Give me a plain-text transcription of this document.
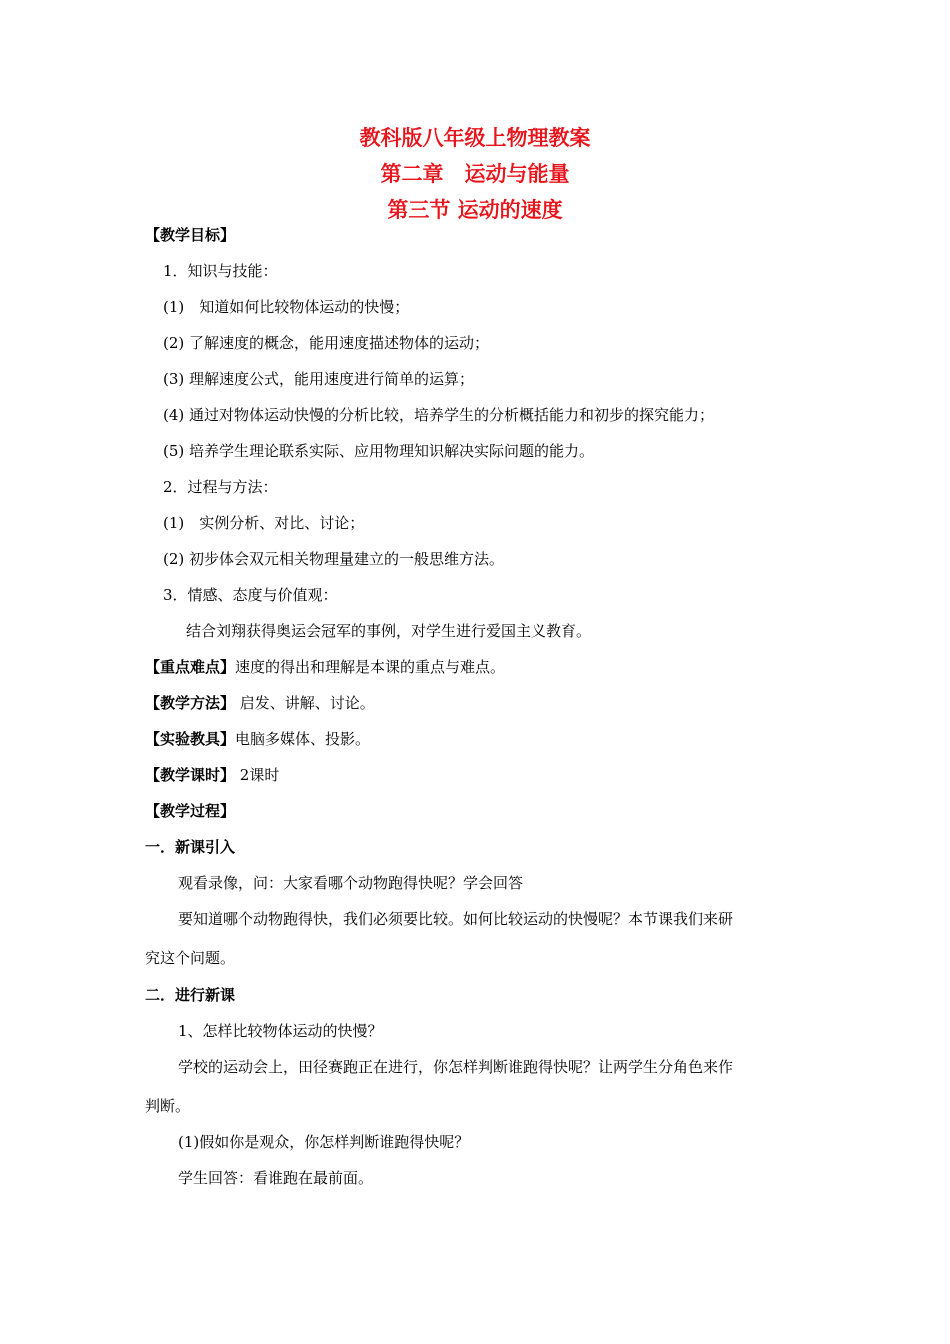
教科版八年级上物理教案
第二章　运动与能量
第三节 运动的速度
【教学目标】
1．知识与技能：
(1)　知道如何比较物体运动的快慢；
(2) 了解速度的概念，能用速度描述物体的运动；
(3) 理解速度公式，能用速度进行简单的运算；
(4) 通过对物体运动快慢的分析比较，培养学生的分析概括能力和初步的探究能力；
(5) 培养学生理论联系实际、应用物理知识解决实际问题的能力。
2．过程与方法：
(1)　实例分析、对比、讨论；
(2) 初步体会双元相关物理量建立的一般思维方法。
3．情感、态度与价值观：
结合刘翔获得奥运会冠军的事例，对学生进行爱国主义教育。
【重点难点】速度的得出和理解是本课的重点与难点。
【教学方法】 启发、讲解、讨论。
【实验教具】电脑多媒体、投影。
【教学课时】 2课时
【教学过程】
一．新课引入
观看录像，问：大家看哪个动物跑得快呢？学会回答
要知道哪个动物跑得快，我们必须要比较。如何比较运动的快慢呢？本节课我们来研
究这个问题。
二．进行新课
1、怎样比较物体运动的快慢？
学校的运动会上，田径赛跑正在进行，你怎样判断谁跑得快呢？让两学生分角色来作
判断。
(1)假如你是观众，你怎样判断谁跑得快呢？
学生回答：看谁跑在最前面。
